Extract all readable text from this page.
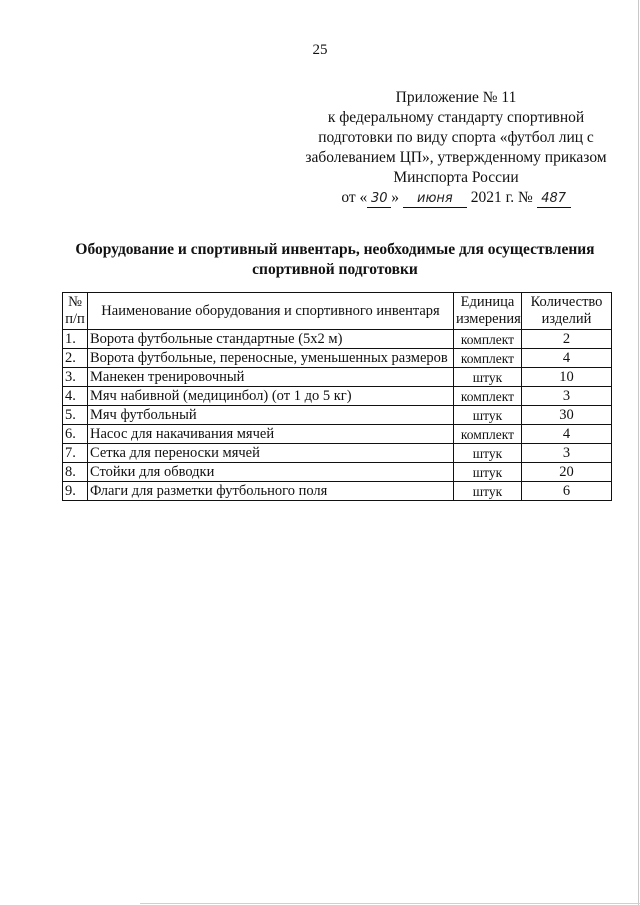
25
Приложение № 11
к федеральному стандарту спортивной
подготовки по виду спорта «футбол лиц с
заболеванием ЦП», утвержденному приказом
Минспорта России
от « 30 » июня 2021 г. № 487
Оборудование и спортивный инвентарь, необходимые для осуществления спортивной подготовки
№ п/п	Наименование оборудования и спортивного инвентаря	Единица измерения	Количество изделий
1.	Ворота футбольные стандартные (5х2 м)	комплект	2
2.	Ворота футбольные, переносные, уменьшенных размеров	комплект	4
3.	Манекен тренировочный	штук	10
4.	Мяч набивной (медицинбол) (от 1 до 5 кг)	комплект	3
5.	Мяч футбольный	штук	30
6.	Насос для накачивания мячей	комплект	4
7.	Сетка для переноски мячей	штук	3
8.	Стойки для обводки	штук	20
9.	Флаги для разметки футбольного поля	штук	6
